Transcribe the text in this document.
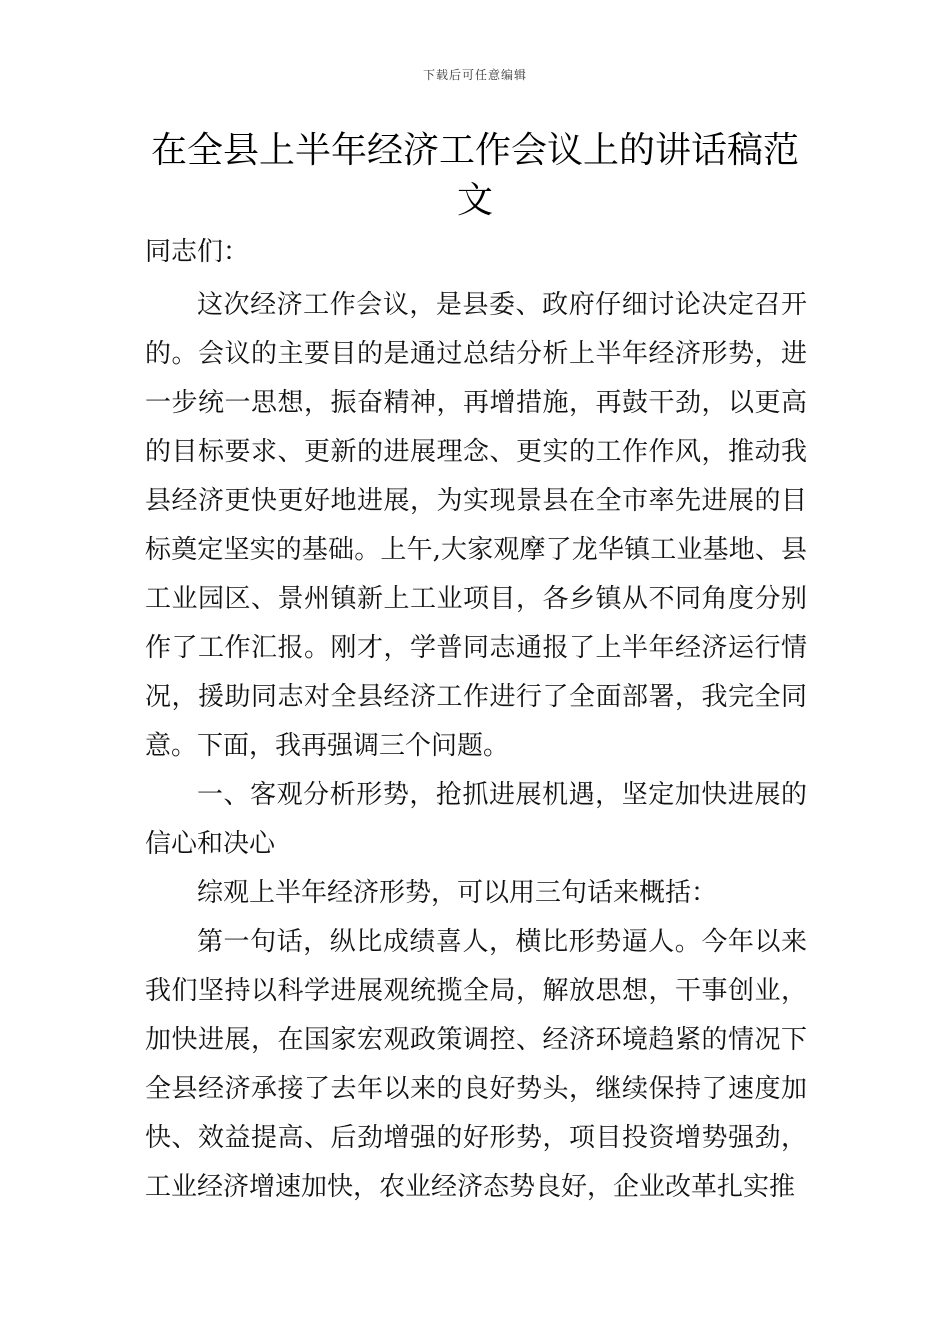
下载后可任意编辑
在全县上半年经济工作会议上的讲话稿范文

同志们：

这次经济工作会议，是县委、政府仔细讨论决定召开的。会议的主要目的是通过总结分析上半年经济形势，进一步统一思想，振奋精神，再增措施，再鼓干劲，以更高的目标要求、更新的进展理念、更实的工作作风，推动我县经济更快更好地进展，为实现景县在全市率先进展的目标奠定坚实的基础。上午,大家观摩了龙华镇工业基地、县工业园区、景州镇新上工业项目，各乡镇从不同角度分别作了工作汇报。刚才，学普同志通报了上半年经济运行情况，援助同志对全县经济工作进行了全面部署，我完全同意。下面，我再强调三个问题。

一、客观分析形势，抢抓进展机遇，坚定加快进展的信心和决心

综观上半年经济形势，可以用三句话来概括：

第一句话，纵比成绩喜人，横比形势逼人。今年以来我们坚持以科学进展观统揽全局，解放思想，干事创业，加快进展，在国家宏观政策调控、经济环境趋紧的情况下全县经济承接了去年以来的良好势头，继续保持了速度加快、效益提高、后劲增强的好形势，项目投资增势强劲，工业经济增速加快，农业经济态势良好，企业改革扎实推
